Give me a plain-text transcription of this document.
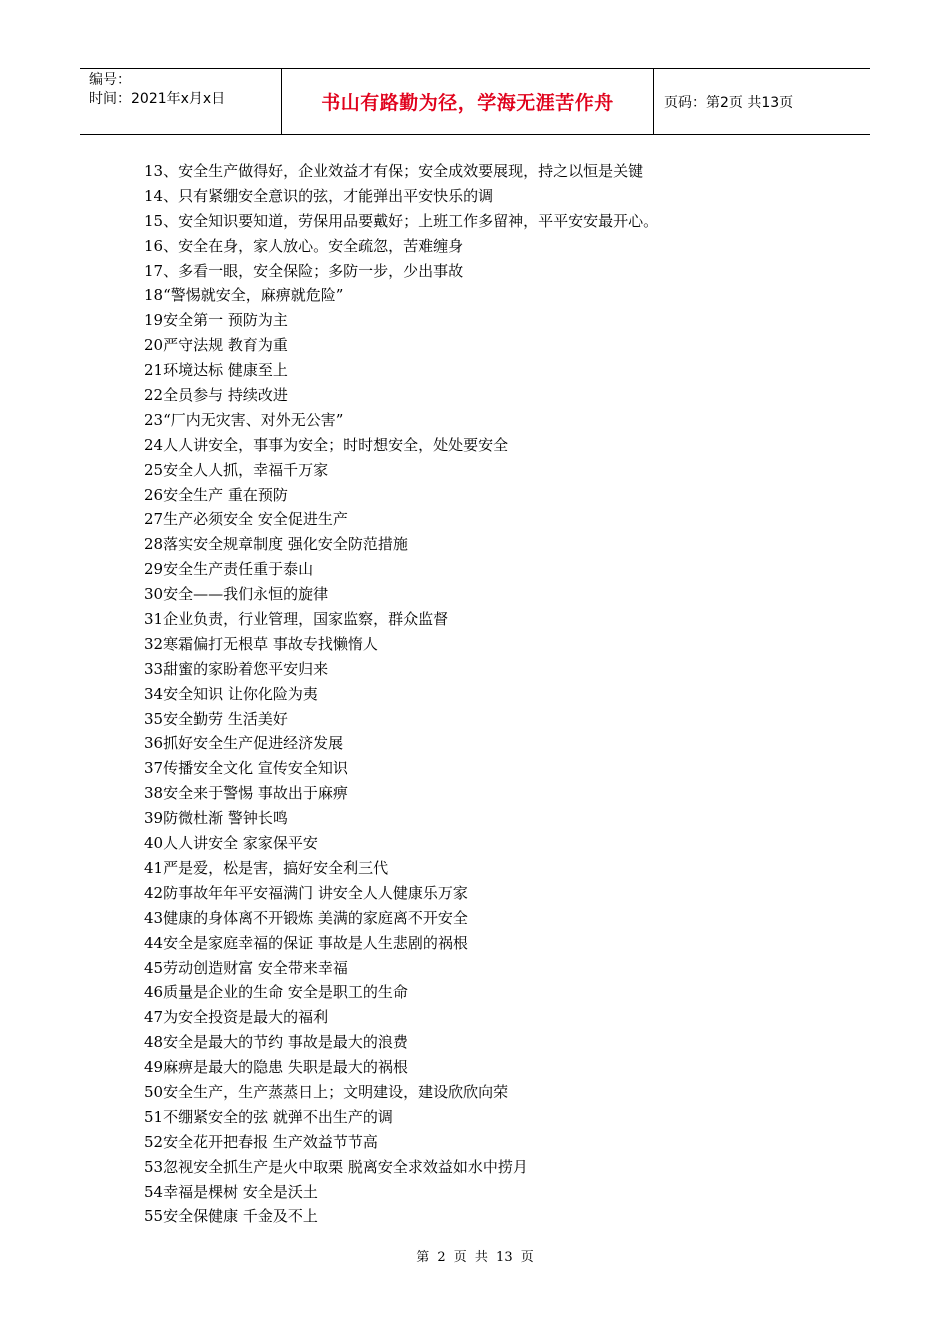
编号：
时间：2021年x月x日	书山有路勤为径，学海无涯苦作舟	页码：第2页 共13页
13、安全生产做得好，企业效益才有保；安全成效要展现，持之以恒是关键
14、只有紧绷安全意识的弦，才能弹出平安快乐的调
15、安全知识要知道，劳保用品要戴好；上班工作多留神，平平安安最开心。
16、安全在身，家人放心。安全疏忽，苦难缠身
17、多看一眼，安全保险；多防一步，少出事故
18“警惕就安全，麻痹就危险”
19安全第一 预防为主
20严守法规 教育为重
21环境达标 健康至上
22全员参与 持续改进
23“厂内无灾害、对外无公害”
24人人讲安全，事事为安全；时时想安全，处处要安全
25安全人人抓，幸福千万家
26安全生产 重在预防
27生产必须安全 安全促进生产
28落实安全规章制度 强化安全防范措施
29安全生产责任重于泰山
30安全——我们永恒的旋律
31企业负责，行业管理，国家监察，群众监督
32寒霜偏打无根草 事故专找懒惰人
33甜蜜的家盼着您平安归来
34安全知识 让你化险为夷
35安全勤劳 生活美好
36抓好安全生产促进经济发展
37传播安全文化 宣传安全知识
38安全来于警惕 事故出于麻痹
39防微杜渐 警钟长鸣
40人人讲安全 家家保平安
41严是爱，松是害，搞好安全利三代
42防事故年年平安福满门 讲安全人人健康乐万家
43健康的身体离不开锻炼 美满的家庭离不开安全
44安全是家庭幸福的保证 事故是人生悲剧的祸根
45劳动创造财富 安全带来幸福
46质量是企业的生命 安全是职工的生命
47为安全投资是最大的福利
48安全是最大的节约 事故是最大的浪费
49麻痹是最大的隐患 失职是最大的祸根
50安全生产，生产蒸蒸日上；文明建设，建设欣欣向荣
51不绷紧安全的弦 就弹不出生产的调
52安全花开把春报 生产效益节节高
53忽视安全抓生产是火中取栗 脱离安全求效益如水中捞月
54幸福是棵树 安全是沃土
55安全保健康 千金及不上
第 2 页 共 13 页
